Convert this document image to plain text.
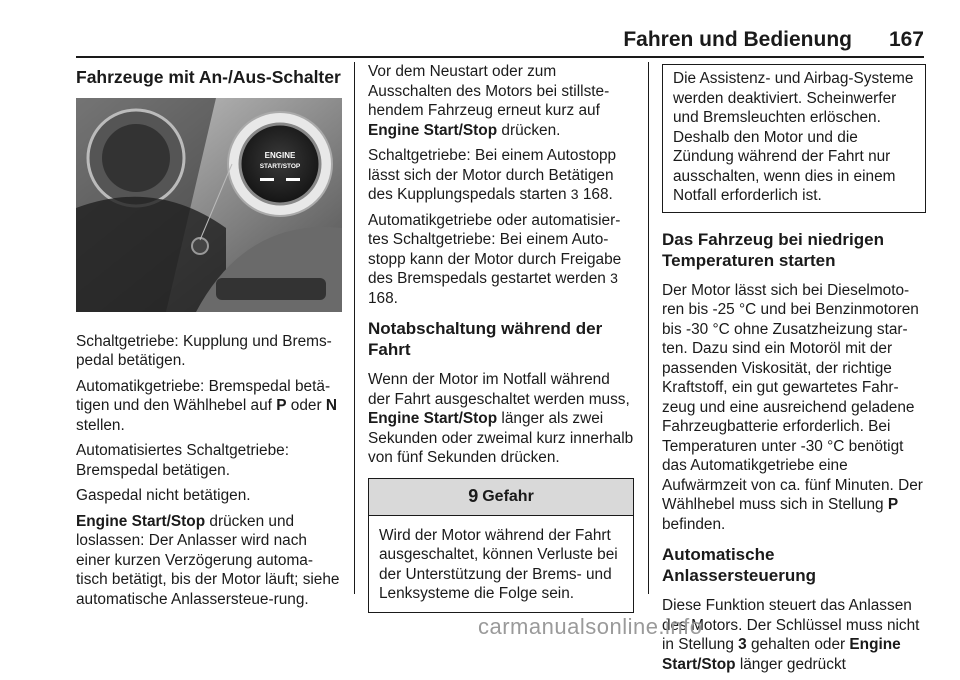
Fahren und Bedienung 167
Fahrzeuge mit An-/Aus-Schalter
ENGINE
START/STOP

Schaltgetriebe: Kupplung und Brems-pedal betätigen.

Automatikgetriebe: Bremspedal betä-tigen und den Wählhebel auf P oder N stellen.

Automatisiertes Schaltgetriebe: Bremspedal betätigen.

Gaspedal nicht betätigen.

Engine Start/Stop drücken und loslassen: Der Anlasser wird nach einer kurzen Verzögerung automa-tisch betätigt, bis der Motor läuft; siehe automatische Anlassersteue-rung.

Vor dem Neustart oder zum Ausschalten des Motors bei stillste-hendem Fahrzeug erneut kurz auf Engine Start/Stop drücken.

Schaltgetriebe: Bei einem Autostopp lässt sich der Motor durch Betätigen des Kupplungspedals starten 3 168.

Automatikgetriebe oder automatisier-tes Schaltgetriebe: Bei einem Auto-stopp kann der Motor durch Freigabe des Bremspedals gestartet werden 3 168.

Notabschaltung während der Fahrt

Wenn der Motor im Notfall während der Fahrt ausgeschaltet werden muss, Engine Start/Stop länger als zwei Sekunden oder zweimal kurz innerhalb von fünf Sekunden drücken.

9 Gefahr
Wird der Motor während der Fahrt ausgeschaltet, können Verluste bei der Unterstützung der Brems- und Lenksysteme die Folge sein.
Die Assistenz- und Airbag-Systeme werden deaktiviert. Scheinwerfer und Bremsleuchten erlöschen. Deshalb den Motor und die Zündung während der Fahrt nur ausschalten, wenn dies in einem Notfall erforderlich ist.
Das Fahrzeug bei niedrigen Temperaturen starten

Der Motor lässt sich bei Dieselmoto-ren bis -25 °C und bei Benzinmotoren bis -30 °C ohne Zusatzheizung star-ten. Dazu sind ein Motoröl mit der passenden Viskosität, der richtige Kraftstoff, ein gut gewartetes Fahr-zeug und eine ausreichend geladene Fahrzeugbatterie erforderlich. Bei Temperaturen unter -30 °C benötigt das Automatikgetriebe eine Aufwärmzeit von ca. fünf Minuten. Der Wählhebel muss sich in Stellung P befinden.

Automatische Anlassersteuerung

Diese Funktion steuert das Anlassen des Motors. Der Schlüssel muss nicht in Stellung 3 gehalten oder Engine Start/Stop länger gedrückt

carmanualsonline.info
